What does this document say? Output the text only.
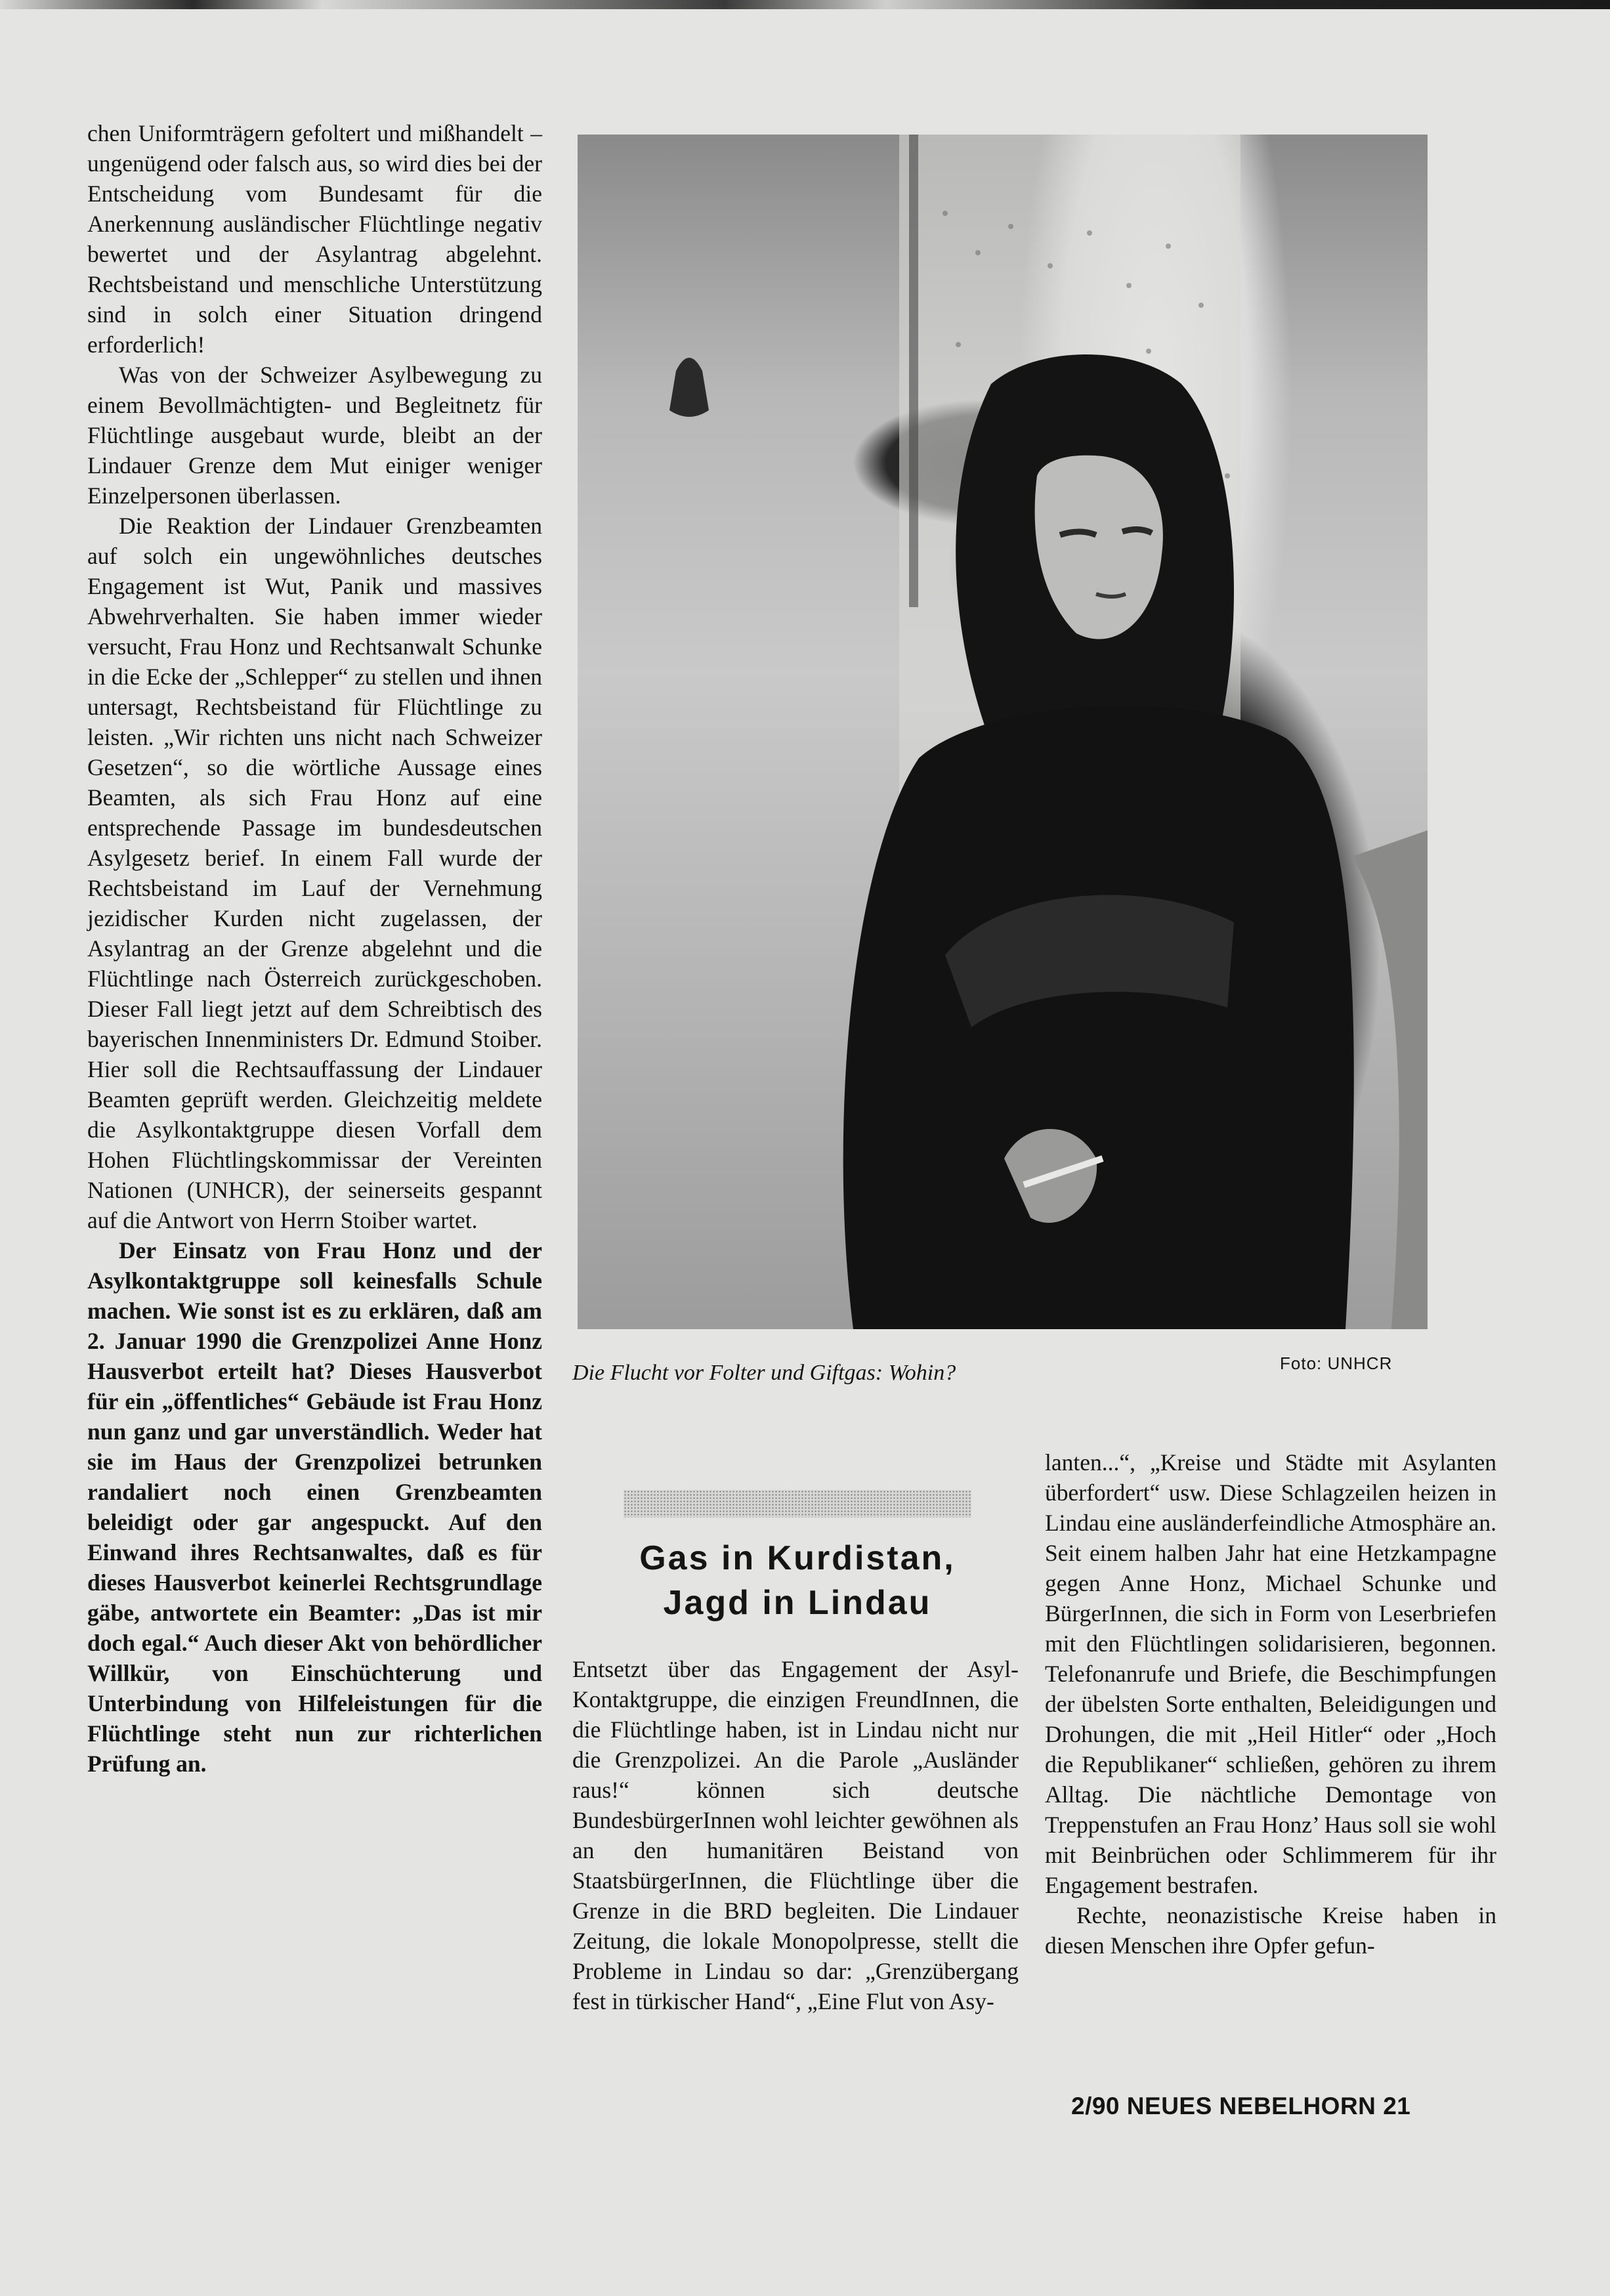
chen Uniformträgern gefoltert und mißhandelt – ungenügend oder falsch aus, so wird dies bei der Entscheidung vom Bundesamt für die Anerkennung ausländischer Flüchtlinge negativ bewertet und der Asylantrag abgelehnt. Rechtsbeistand und menschliche Unterstützung sind in solch einer Situation dringend erforderlich!

Was von der Schweizer Asylbewegung zu einem Bevollmächtigten- und Begleitnetz für Flüchtlinge ausgebaut wurde, bleibt an der Lindauer Grenze dem Mut einiger weniger Einzelpersonen überlassen.

Die Reaktion der Lindauer Grenzbeamten auf solch ein ungewöhnliches deutsches Engagement ist Wut, Panik und massives Abwehrverhalten. Sie haben immer wieder versucht, Frau Honz und Rechtsanwalt Schunke in die Ecke der „Schlepper“ zu stellen und ihnen untersagt, Rechtsbeistand für Flüchtlinge zu leisten. „Wir richten uns nicht nach Schweizer Gesetzen“, so die wörtliche Aussage eines Beamten, als sich Frau Honz auf eine entsprechende Passage im bundesdeutschen Asylgesetz berief. In einem Fall wurde der Rechtsbeistand im Lauf der Vernehmung jezidischer Kurden nicht zugelassen, der Asylantrag an der Grenze abgelehnt und die Flüchtlinge nach Österreich zurückgeschoben. Dieser Fall liegt jetzt auf dem Schreibtisch des bayerischen Innenministers Dr. Edmund Stoiber. Hier soll die Rechtsauffassung der Lindauer Beamten geprüft werden. Gleichzeitig meldete die Asylkontaktgruppe diesen Vorfall dem Hohen Flüchtlingskommissar der Vereinten Nationen (UNHCR), der seinerseits gespannt auf die Antwort von Herrn Stoiber wartet.

Der Einsatz von Frau Honz und der Asylkontaktgruppe soll keinesfalls Schule machen. Wie sonst ist es zu erklären, daß am 2. Januar 1990 die Grenzpolizei Anne Honz Hausverbot erteilt hat? Dieses Hausverbot für ein „öffentliches“ Gebäude ist Frau Honz nun ganz und gar unverständlich. Weder hat sie im Haus der Grenzpolizei betrunken randaliert noch einen Grenzbeamten beleidigt oder gar angespuckt. Auf den Einwand ihres Rechtsanwaltes, daß es für dieses Hausverbot keinerlei Rechtsgrundlage gäbe, antwortete ein Beamter: „Das ist mir doch egal.“ Auch dieser Akt von behördlicher Willkür, von Einschüchterung und Unterbindung von Hilfeleistungen für die Flüchtlinge steht nun zur richterlichen Prüfung an.

Die Flucht vor Folter und Giftgas: Wohin?	Foto: UNHCR

Gas in Kurdistan,

Jagd in Lindau

Entsetzt über das Engagement der Asyl-Kontaktgruppe, die einzigen FreundInnen, die die Flüchtlinge haben, ist in Lindau nicht nur die Grenzpolizei. An die Parole „Ausländer raus!“ können sich deutsche BundesbürgerInnen wohl leichter gewöhnen als an den humanitären Beistand von StaatsbürgerInnen, die Flüchtlinge über die Grenze in die BRD begleiten. Die Lindauer Zeitung, die lokale Monopolpresse, stellt die Probleme in Lindau so dar: „Grenzübergang fest in türkischer Hand“, „Eine Flut von Asy-

lanten...“, „Kreise und Städte mit Asylanten überfordert“ usw. Diese Schlagzeilen heizen in Lindau eine ausländerfeindliche Atmosphäre an. Seit einem halben Jahr hat eine Hetzkampagne gegen Anne Honz, Michael Schunke und BürgerInnen, die sich in Form von Leserbriefen mit den Flüchtlingen solidarisieren, begonnen. Telefonanrufe und Briefe, die Beschimpfungen der übelsten Sorte enthalten, Beleidigungen und Drohungen, die mit „Heil Hitler“ oder „Hoch die Republikaner“ schließen, gehören zu ihrem Alltag. Die nächtliche Demontage von Treppenstufen an Frau Honz’ Haus soll sie wohl mit Beinbrüchen oder Schlimmerem für ihr Engagement bestrafen.

Rechte, neonazistische Kreise haben in diesen Menschen ihre Opfer gefun-

2/90 NEUES NEBELHORN 21
